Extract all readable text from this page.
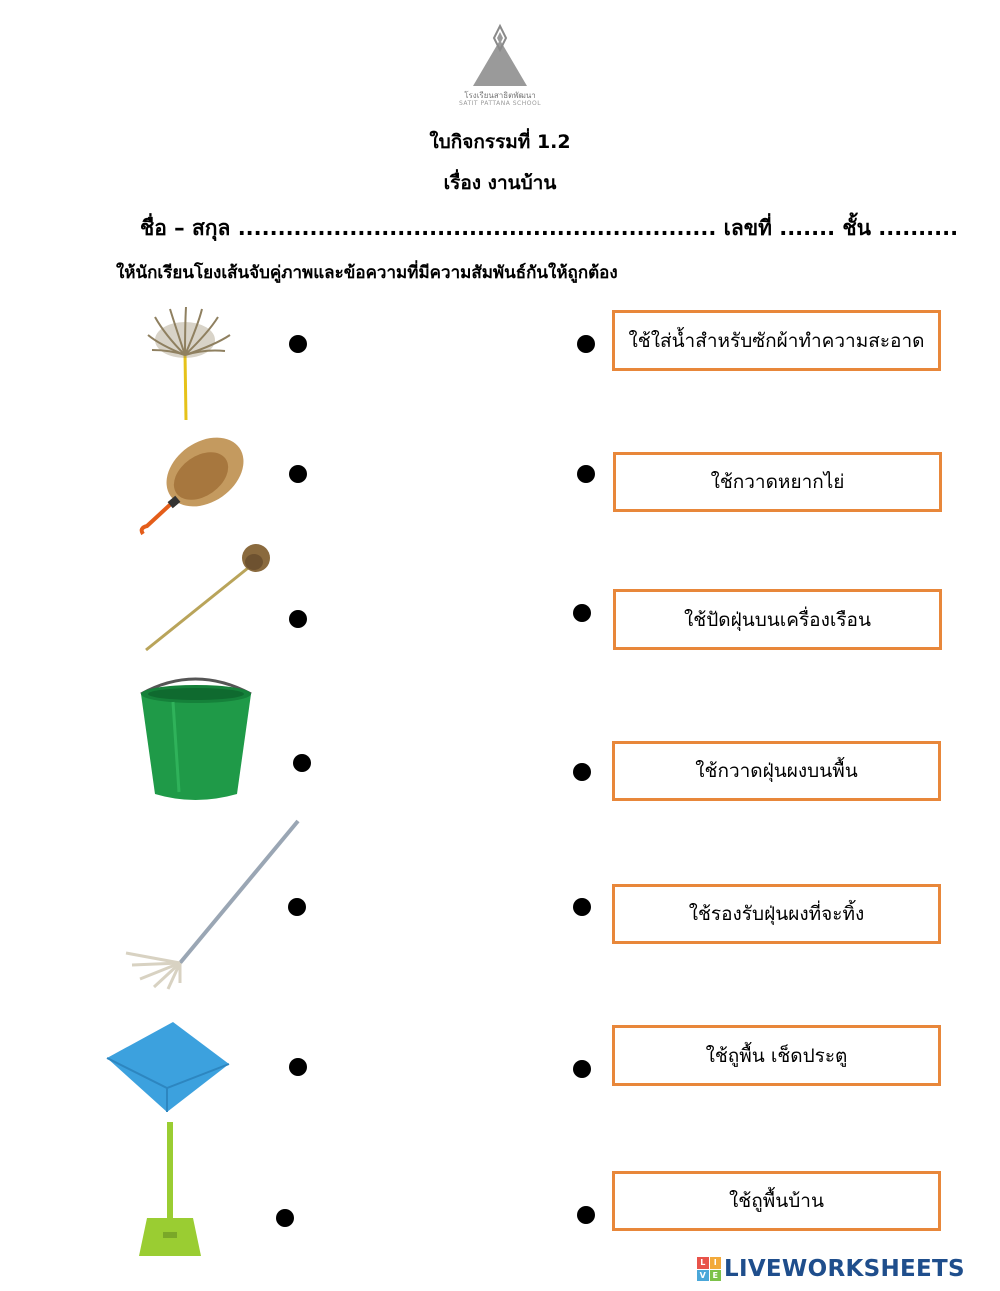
โรงเรียนสาธิตพัฒนา
SATIT PATTANA SCHOOL
ใบกิจกรรมที่ 1.2
เรื่อง งานบ้าน
ชื่อ – สกุล ............................................................ เลขที่ ....... ชั้น ..........
ให้นักเรียนโยงเส้นจับคู่ภาพและข้อความที่มีความสัมพันธ์กันให้ถูกต้อง
ใช้ใส่น้ำสำหรับซักผ้าทำความสะอาด
ใช้กวาดหยากไย่
ใช้ปัดฝุ่นบนเครื่องเรือน
ใช้กวาดฝุ่นผงบนพื้น
ใช้รองรับฝุ่นผงที่จะทิ้ง
ใช้ถูพื้น เช็ดประตู
ใช้ถูพื้นบ้าน
L	I
V E LIVEWORKSHEETS
